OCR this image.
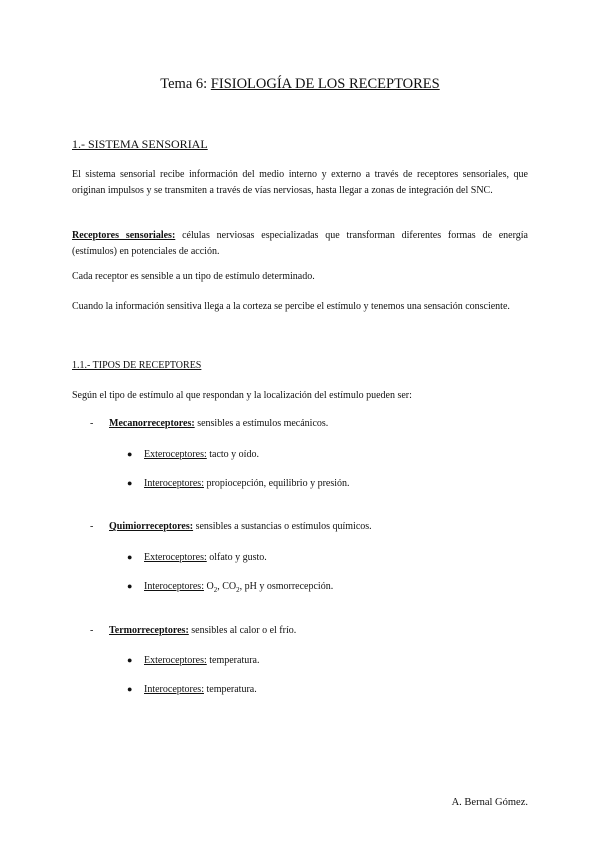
Tema 6: FISIOLOGÍA DE LOS RECEPTORES
1.- SISTEMA SENSORIAL
El sistema sensorial recibe información del medio interno y externo a través de receptores sensoriales, que originan impulsos y se transmiten a través de vías nerviosas, hasta llegar a zonas de integración del SNC.
Receptores sensoriales: células nerviosas especializadas que transforman diferentes formas de energía (estímulos) en potenciales de acción.
Cada receptor es sensible a un tipo de estímulo determinado.
Cuando la información sensitiva llega a la corteza se percibe el estímulo y tenemos una sensación consciente.
1.1.- TIPOS DE RECEPTORES
Según el tipo de estímulo al que respondan y la localización del estímulo pueden ser:
- Mecanorreceptores: sensibles a estímulos mecánicos.
● Exteroceptores: tacto y oído.
● Interoceptores: propiocepción, equilibrio y presión.
- Quimiorreceptores: sensibles a sustancias o estímulos químicos.
● Exteroceptores: olfato y gusto.
● Interoceptores: $O_2$, $CO_2$, pH y osmorrecepción.
- Termorreceptores: sensibles al calor o el frío.
● Exteroceptores: temperatura.
● Interoceptores: temperatura.
A. Bernal Gómez.
